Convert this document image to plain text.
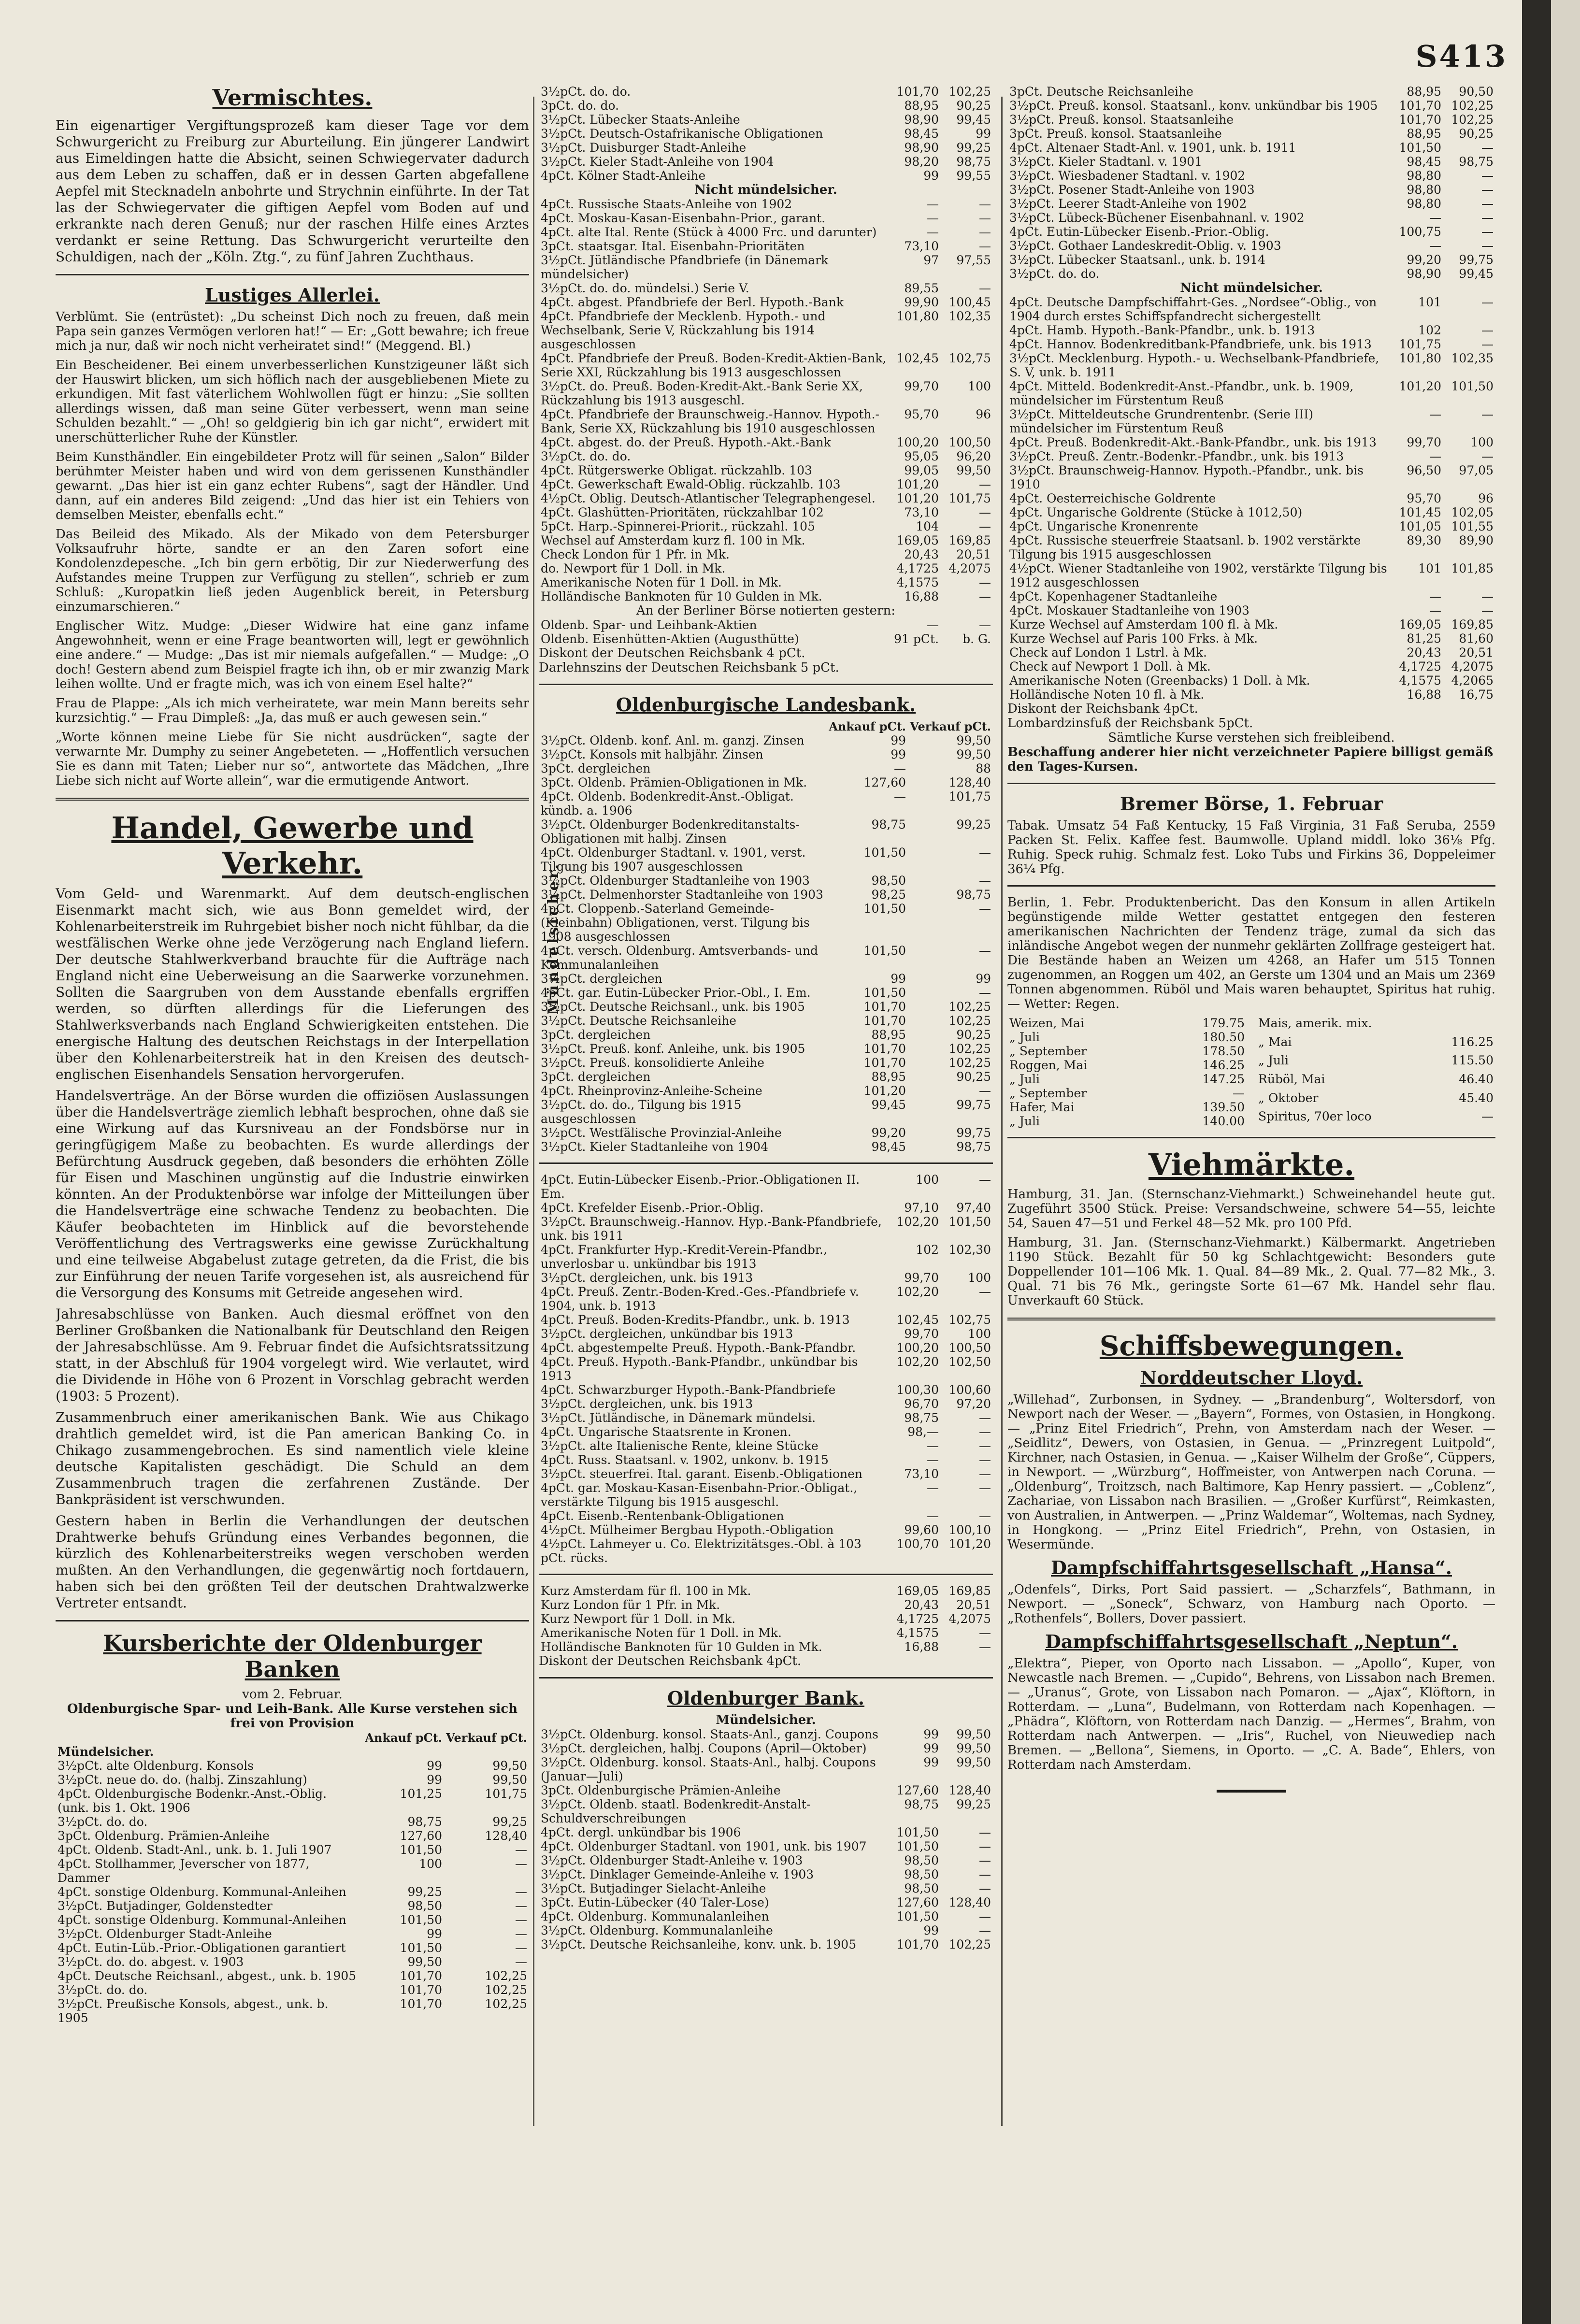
S413
Vermischtes.

Ein eigenartiger Vergiftungsprozeß kam dieser Tage vor dem Schwurgericht zu Freiburg zur Aburteilung. Ein jüngerer Landwirt aus Eimeldingen hatte die Absicht, seinen Schwiegervater dadurch aus dem Leben zu schaffen, daß er in dessen Garten abgefallene Aepfel mit Stecknadeln anbohrte und Strychnin einführte. In der Tat las der Schwiegervater die giftigen Aepfel vom Boden auf und erkrankte nach deren Genuß; nur der raschen Hilfe eines Arztes verdankt er seine Rettung. Das Schwurgericht verurteilte den Schuldigen, nach der „Köln. Ztg.“, zu fünf Jahren Zuchthaus.

Lustiges Allerlei.

Verblümt. Sie (entrüstet): „Du scheinst Dich noch zu freuen, daß mein Papa sein ganzes Vermögen verloren hat!“ — Er: „Gott bewahre; ich freue mich ja nur, daß wir noch nicht verheiratet sind!“ (Meggend. Bl.)

Ein Bescheidener. Bei einem unverbesserlichen Kunstzigeuner läßt sich der Hauswirt blicken, um sich höflich nach der ausgebliebenen Miete zu erkundigen. Mit fast väterlichem Wohlwollen fügt er hinzu: „Sie sollten allerdings wissen, daß man seine Güter verbessert, wenn man seine Schulden bezahlt.“ — „Oh! so geldgierig bin ich gar nicht“, erwidert mit unerschütterlicher Ruhe der Künstler.

Beim Kunsthändler. Ein eingebildeter Protz will für seinen „Salon“ Bilder berühmter Meister haben und wird von dem gerissenen Kunsthändler gewarnt. „Das hier ist ein ganz echter Rubens“, sagt der Händler. Und dann, auf ein anderes Bild zeigend: „Und das hier ist ein Tehiers von demselben Meister, ebenfalls echt.“

Das Beileid des Mikado. Als der Mikado von dem Petersburger Volksaufruhr hörte, sandte er an den Zaren sofort eine Kondolenzdepesche. „Ich bin gern erbötig, Dir zur Niederwerfung des Aufstandes meine Truppen zur Verfügung zu stellen“, schrieb er zum Schluß: „Kuropatkin ließ jeden Augenblick bereit, in Petersburg einzumarschieren.“

Englischer Witz. Mudge: „Dieser Widwire hat eine ganz infame Angewohnheit, wenn er eine Frage beantworten will, legt er gewöhnlich eine andere.“ — Mudge: „Das ist mir niemals aufgefallen.“ — Mudge: „O doch! Gestern abend zum Beispiel fragte ich ihn, ob er mir zwanzig Mark leihen wollte. Und er fragte mich, was ich von einem Esel halte?“

Frau de Plappe: „Als ich mich verheiratete, war mein Mann bereits sehr kurzsichtig.“ — Frau Dimpleß: „Ja, das muß er auch gewesen sein.“

„Worte können meine Liebe für Sie nicht ausdrücken“, sagte der verwarnte Mr. Dumphy zu seiner Angebeteten. — „Hoffentlich versuchen Sie es dann mit Taten; Lieber nur so“, antwortete das Mädchen, „Ihre Liebe sich nicht auf Worte allein“, war die ermutigende Antwort.

Handel, Gewerbe und Verkehr.

Vom Geld- und Warenmarkt. Auf dem deutsch-englischen Eisenmarkt macht sich, wie aus Bonn gemeldet wird, der Kohlenarbeiterstreik im Ruhrgebiet bisher noch nicht fühlbar, da die westfälischen Werke ohne jede Verzögerung nach England liefern. Der deutsche Stahlwerkverband brauchte für die Aufträge nach England nicht eine Ueberweisung an die Saarwerke vorzunehmen. Sollten die Saargruben von dem Ausstande ebenfalls ergriffen werden, so dürften allerdings für die Lieferungen des Stahlwerksverbands nach England Schwierigkeiten entstehen. Die energische Haltung des deutschen Reichstags in der Interpellation über den Kohlenarbeiterstreik hat in den Kreisen des deutsch-englischen Eisenhandels Sensation hervorgerufen.

Handelsverträge. An der Börse wurden die offiziösen Auslassungen über die Handelsverträge ziemlich lebhaft besprochen, ohne daß sie eine Wirkung auf das Kursniveau an der Fondsbörse nur in geringfügigem Maße zu beobachten. Es wurde allerdings der Befürchtung Ausdruck gegeben, daß besonders die erhöhten Zölle für Eisen und Maschinen ungünstig auf die Industrie einwirken könnten. An der Produktenbörse war infolge der Mitteilungen über die Handelsverträge eine schwache Tendenz zu beobachten. Die Käufer beobachteten im Hinblick auf die bevorstehende Veröffentlichung des Vertragswerks eine gewisse Zurückhaltung und eine teilweise Abgabelust zutage getreten, da die Frist, die bis zur Einführung der neuen Tarife vorgesehen ist, als ausreichend für die Versorgung des Konsums mit Getreide angesehen wird.

Jahresabschlüsse von Banken. Auch diesmal eröffnet von den Berliner Großbanken die Nationalbank für Deutschland den Reigen der Jahresabschlüsse. Am 9. Februar findet die Aufsichtsratssitzung statt, in der Abschluß für 1904 vorgelegt wird. Wie verlautet, wird die Dividende in Höhe von 6 Prozent in Vorschlag gebracht werden (1903: 5 Prozent).

Zusammenbruch einer amerikanischen Bank. Wie aus Chikago drahtlich gemeldet wird, ist die Pan american Banking Co. in Chikago zusammengebrochen. Es sind namentlich viele kleine deutsche Kapitalisten geschädigt. Die Schuld an dem Zusammenbruch tragen die zerfahrenen Zustände. Der Bankpräsident ist verschwunden.

Gestern haben in Berlin die Verhandlungen der deutschen Drahtwerke behufs Gründung eines Verbandes begonnen, die kürzlich des Kohlenarbeiterstreiks wegen verschoben werden mußten. An den Verhandlungen, die gegenwärtig noch fortdauern, haben sich bei den größten Teil der deutschen Drahtwalzwerke Vertreter entsandt.

Kursberichte der Oldenburger Banken
vom 2. Februar.
Oldenburgische Spar- und Leih-Bank. Alle Kurse verstehen sich frei von Provision
	Ankauf pCt.	Verkauf pCt.
Mündelsicher.		
3½pCt. alte Oldenburg. Konsols	99	99,50
3½pCt. neue do. do. (halbj. Zinszahlung)	99	99,50
4pCt. Oldenburgische Bodenkr.-Anst.-Oblig. (unk. bis 1. Okt. 1906	101,25	101,75
3½pCt. do. do.	98,75	99,25
3pCt. Oldenburg. Prämien-Anleihe	127,60	128,40
4pCt. Oldenb. Stadt-Anl., unk. b. 1. Juli 1907	101,50	—
4pCt. Stollhammer, Jeverscher von 1877, Dammer	100	—
4pCt. sonstige Oldenburg. Kommunal-Anleihen	99,25	—
3½pCt. Butjadinger, Goldenstedter	98,50	—
4pCt. sonstige Oldenburg. Kommunal-Anleihen	101,50	—
3½pCt. Oldenburger Stadt-Anleihe	99	—
4pCt. Eutin-Lüb.-Prior.-Obligationen garantiert	101,50	—
3½pCt. do. do. abgest. v. 1903	99,50	—
4pCt. Deutsche Reichsanl., abgest., unk. b. 1905	101,70	102,25
3½pCt. do. do.	101,70	102,25
3½pCt. Preußische Konsols, abgest., unk. b. 1905	101,70	102,25
3½pCt. do. do.	101,70	102,25
3pCt. do. do.	88,95	90,25
3½pCt. Lübecker Staats-Anleihe	98,90	99,45
3½pCt. Deutsch-Ostafrikanische Obligationen	98,45	99
3½pCt. Duisburger Stadt-Anleihe	98,90	99,25
3½pCt. Kieler Stadt-Anleihe von 1904	98,20	98,75
4pCt. Kölner Stadt-Anleihe	99	99,55
Nicht mündelsicher.
4pCt. Russische Staats-Anleihe von 1902	—	—
4pCt. Moskau-Kasan-Eisenbahn-Prior., garant.	—	—
4pCt. alte Ital. Rente (Stück à 4000 Frc. und darunter)	—	—
3pCt. staatsgar. Ital. Eisenbahn-Prioritäten	73,10	—
3½pCt. Jütländische Pfandbriefe (in Dänemark mündelsicher)	97	97,55
3½pCt. do. do. mündelsi.) Serie V.	89,55	—
4pCt. abgest. Pfandbriefe der Berl. Hypoth.-Bank	99,90	100,45
4pCt. Pfandbriefe der Mecklenb. Hypoth.- und Wechselbank, Serie V, Rückzahlung bis 1914 ausgeschlossen	101,80	102,35
4pCt. Pfandbriefe der Preuß. Boden-Kredit-Aktien-Bank, Serie XXI, Rückzahlung bis 1913 ausgeschlossen	102,45	102,75
3½pCt. do. Preuß. Boden-Kredit-Akt.-Bank Serie XX, Rückzahlung bis 1913 ausgeschl.	99,70	100
4pCt. Pfandbriefe der Braunschweig.-Hannov. Hypoth.-Bank, Serie XX, Rückzahlung bis 1910 ausgeschlossen	95,70	96
4pCt. abgest. do. der Preuß. Hypoth.-Akt.-Bank	100,20	100,50
3½pCt. do. do.	95,05	96,20
4pCt. Rütgerswerke Obligat. rückzahlb. 103	99,05	99,50
4pCt. Gewerkschaft Ewald-Oblig. rückzahlb. 103	101,20	—
4½pCt. Oblig. Deutsch-Atlantischer Telegraphengesel.	101,20	101,75
4pCt. Glashütten-Prioritäten, rückzahlbar 102	73,10	—
5pCt. Harp.-Spinnerei-Priorit., rückzahl. 105	104	—
Wechsel auf Amsterdam kurz fl. 100 in Mk.	169,05	169,85
Check London für 1 Pfr. in Mk.	20,43	20,51
do. Newport für 1 Doll. in Mk.	4,1725	4,2075
Amerikanische Noten für 1 Doll. in Mk.	4,1575	—
Holländische Banknoten für 10 Gulden in Mk.	16,88	—
An der Berliner Börse notierten gestern:
Oldenb. Spar- und Leihbank-Aktien	—	—
Oldenb. Eisenhütten-Aktien (Augusthütte)	91 pCt.	b. G.
Diskont der Deutschen Reichsbank 4 pCt.
Darlehnszins der Deutschen Reichsbank 5 pCt.
Oldenburgische Landesbank.
	Ankauf pCt.	Verkauf pCt.
3½pCt. Oldenb. konf. Anl. m. ganzj. Zinsen	99	99,50
3½pCt. Konsols mit halbjähr. Zinsen	99	99,50
3pCt. dergleichen	—	88
3pCt. Oldenb. Prämien-Obligationen in Mk.	127,60	128,40
4pCt. Oldenb. Bodenkredit-Anst.-Obligat. kündb. a. 1906	—	101,75
3½pCt. Oldenburger Bodenkreditanstalts-Obligationen mit halbj. Zinsen	98,75	99,25
4pCt. Oldenburger Stadtanl. v. 1901, verst. Tilgung bis 1907 ausgeschlossen	101,50	—
3½pCt. Oldenburger Stadtanleihe von 1903	98,50	—
3½pCt. Delmenhorster Stadtanleihe von 1903	98,25	98,75
4pCt. Cloppenb.-Saterland Gemeinde- (Kleinbahn) Obligationen, verst. Tilgung bis 1908 ausgeschlossen	101,50	—
4pCt. versch. Oldenburg. Amtsverbands- und Kommunalanleihen	101,50	—
3½pCt. dergleichen	99	99
4pCt. gar. Eutin-Lübecker Prior.-Obl., I. Em.	101,50	—
3½pCt. Deutsche Reichsanl., unk. bis 1905	101,70	102,25
3½pCt. Deutsche Reichsanleihe	101,70	102,25
3pCt. dergleichen	88,95	90,25
3½pCt. Preuß. konf. Anleihe, unk. bis 1905	101,70	102,25
3½pCt. Preuß. konsolidierte Anleihe	101,70	102,25
3pCt. dergleichen	88,95	90,25
4pCt. Rheinprovinz-Anleihe-Scheine	101,20	—
3½pCt. do. do., Tilgung bis 1915 ausgeschlossen	99,45	99,75
3½pCt. Westfälische Provinzial-Anleihe	99,20	99,75
3½pCt. Kieler Stadtanleihe von 1904	98,45	98,75
4pCt. Eutin-Lübecker Eisenb.-Prior.-Obligationen II. Em.	100	—
4pCt. Krefelder Eisenb.-Prior.-Oblig.	97,10	97,40
3½pCt. Braunschweig.-Hannov. Hyp.-Bank-Pfandbriefe, unk. bis 1911	102,20	101,50
4pCt. Frankfurter Hyp.-Kredit-Verein-Pfandbr., unverlosbar u. unkündbar bis 1913	102	102,30
3½pCt. dergleichen, unk. bis 1913	99,70	100
4pCt. Preuß. Zentr.-Boden-Kred.-Ges.-Pfandbriefe v. 1904, unk. b. 1913	102,20	—
4pCt. Preuß. Boden-Kredits-Pfandbr., unk. b. 1913	102,45	102,75
3½pCt. dergleichen, unkündbar bis 1913	99,70	100
4pCt. abgestempelte Preuß. Hypoth.-Bank-Pfandbr.	100,20	100,50
4pCt. Preuß. Hypoth.-Bank-Pfandbr., unkündbar bis 1913	102,20	102,50
4pCt. Schwarzburger Hypoth.-Bank-Pfandbriefe	100,30	100,60
3½pCt. dergleichen, unk. bis 1913	96,70	97,20
3½pCt. Jütländische, in Dänemark mündelsi.	98,75	—
4pCt. Ungarische Staatsrente in Kronen.	98,—	—
3½pCt. alte Italienische Rente, kleine Stücke	—	—
4pCt. Russ. Staatsanl. v. 1902, unkonv. b. 1915	—	—
3½pCt. steuerfrei. Ital. garant. Eisenb.-Obligationen	73,10	—
4pCt. gar. Moskau-Kasan-Eisenbahn-Prior.-Obligat., verstärkte Tilgung bis 1915 ausgeschl.	—	—
4pCt. Eisenb.-Rentenbank-Obligationen	—	—
4½pCt. Mülheimer Bergbau Hypoth.-Obligation	99,60	100,10
4½pCt. Lahmeyer u. Co. Elektrizitätsges.-Obl. à 103 pCt. rücks.	100,70	101,20
Kurz Amsterdam für fl. 100 in Mk.	169,05	169,85
Kurz London für 1 Pfr. in Mk.	20,43	20,51
Kurz Newport für 1 Doll. in Mk.	4,1725	4,2075
Amerikanische Noten für 1 Doll. in Mk.	4,1575	—
Holländische Banknoten für 10 Gulden in Mk.	16,88	—
Diskont der Deutschen Reichsbank 4pCt.
Oldenburger Bank.
Mündelsicher.
3½pCt. Oldenburg. konsol. Staats-Anl., ganzj. Coupons	99	99,50
3½pCt. dergleichen, halbj. Coupons (April—Oktober)	99	99,50
3½pCt. Oldenburg. konsol. Staats-Anl., halbj. Coupons (Januar—Juli)	99	99,50
3pCt. Oldenburgische Prämien-Anleihe	127,60	128,40
3½pCt. Oldenb. staatl. Bodenkredit-Anstalt-Schuldverschreibungen	98,75	99,25
4pCt. dergl. unkündbar bis 1906	101,50	—
4pCt. Oldenburger Stadtanl. von 1901, unk. bis 1907	101,50	—
3½pCt. Oldenburger Stadt-Anleihe v. 1903	98,50	—
3½pCt. Dinklager Gemeinde-Anleihe v. 1903	98,50	—
3½pCt. Butjadinger Sielacht-Anleihe	98,50	—
3pCt. Eutin-Lübecker (40 Taler-Lose)	127,60	128,40
4pCt. Oldenburg. Kommunalanleihen	101,50	—
3½pCt. Oldenburg. Kommunalanleihe	99	—
3½pCt. Deutsche Reichsanleihe, konv. unk. b. 1905	101,70	102,25
Mündelsicher.
3pCt. Deutsche Reichsanleihe	88,95	90,50
3½pCt. Preuß. konsol. Staatsanl., konv. unkündbar bis 1905	101,70	102,25
3½pCt. Preuß. konsol. Staatsanleihe	101,70	102,25
3pCt. Preuß. konsol. Staatsanleihe	88,95	90,25
4pCt. Altenaer Stadt-Anl. v. 1901, unk. b. 1911	101,50	—
3½pCt. Kieler Stadtanl. v. 1901	98,45	98,75
3½pCt. Wiesbadener Stadtanl. v. 1902	98,80	—
3½pCt. Posener Stadt-Anleihe von 1903	98,80	—
3½pCt. Leerer Stadt-Anleihe von 1902	98,80	—
3½pCt. Lübeck-Büchener Eisenbahnanl. v. 1902	—	—
4pCt. Eutin-Lübecker Eisenb.-Prior.-Oblig.	100,75	—
3½pCt. Gothaer Landeskredit-Oblig. v. 1903	—	—
3½pCt. Lübecker Staatsanl., unk. b. 1914	99,20	99,75
3½pCt. do. do.	98,90	99,45
Nicht mündelsicher.
4pCt. Deutsche Dampfschiffahrt-Ges. „Nordsee“-Oblig., von 1904 durch erstes Schiffspfandrecht sichergestellt	101	—
4pCt. Hamb. Hypoth.-Bank-Pfandbr., unk. b. 1913	102	—
4pCt. Hannov. Bodenkreditbank-Pfandbriefe, unk. bis 1913	101,75	—
3½pCt. Mecklenburg. Hypoth.- u. Wechselbank-Pfandbriefe, S. V, unk. b. 1911	101,80	102,35
4pCt. Mitteld. Bodenkredit-Anst.-Pfandbr., unk. b. 1909, mündelsicher im Fürstentum Reuß	101,20	101,50
3½pCt. Mitteldeutsche Grundrentenbr. (Serie III) mündelsicher im Fürstentum Reuß	—	—
4pCt. Preuß. Bodenkredit-Akt.-Bank-Pfandbr., unk. bis 1913	99,70	100
3½pCt. Preuß. Zentr.-Bodenkr.-Pfandbr., unk. bis 1913	—	—
3½pCt. Braunschweig-Hannov. Hypoth.-Pfandbr., unk. bis 1910	96,50	97,05
4pCt. Oesterreichische Goldrente	95,70	96
4pCt. Ungarische Goldrente (Stücke à 1012,50)	101,45	102,05
4pCt. Ungarische Kronenrente	101,05	101,55
4pCt. Russische steuerfreie Staatsanl. b. 1902 verstärkte Tilgung bis 1915 ausgeschlossen	89,30	89,90
4½pCt. Wiener Stadtanleihe von 1902, verstärkte Tilgung bis 1912 ausgeschlossen	101	101,85
4pCt. Kopenhagener Stadtanleihe	—	—
4pCt. Moskauer Stadtanleihe von 1903	—	—
Kurze Wechsel auf Amsterdam 100 fl. à Mk.	169,05	169,85
Kurze Wechsel auf Paris 100 Frks. à Mk.	81,25	81,60
Check auf London 1 Lstrl. à Mk.	20,43	20,51
Check auf Newport 1 Doll. à Mk.	4,1725	4,2075
Amerikanische Noten (Greenbacks) 1 Doll. à Mk.	4,1575	4,2065
Holländische Noten 10 fl. à Mk.	16,88	16,75
Diskont der Reichsbank 4pCt.
Lombardzinsfuß der Reichsbank 5pCt.
Sämtliche Kurse verstehen sich freibleibend.
Beschaffung anderer hier nicht verzeichneter Papiere billigst gemäß den Tages-Kursen.
Bremer Börse, 1. Februar

Tabak. Umsatz 54 Faß Kentucky, 15 Faß Virginia, 31 Faß Seruba, 2559 Packen St. Felix. Kaffee fest. Baumwolle. Upland middl. loko 36⅛ Pfg. Ruhig. Speck ruhig. Schmalz fest. Loko Tubs und Firkins 36, Doppeleimer 36¼ Pfg.

Berlin, 1. Febr. Produktenbericht. Das den Konsum in allen Artikeln begünstigende milde Wetter gestattet entgegen den festeren amerikanischen Nachrichten der Tendenz träge, zumal da sich das inländische Angebot wegen der nunmehr geklärten Zollfrage gesteigert hat. Die Bestände haben an Weizen um 4268, an Hafer um 515 Tonnen zugenommen, an Roggen um 402, an Gerste um 1304 und an Mais um 2369 Tonnen abgenommen. Rüböl und Mais waren behauptet, Spiritus hat ruhig. — Wetter: Regen.

Weizen, Mai	179.75
„ Juli	180.50
„ September	178.50
Roggen, Mai	146.25
„ Juli	147.25
„ September	—
Hafer, Mai	139.50
„ Juli	140.00
Mais, amerik. mix.	
„ Mai	116.25
„ Juli	115.50
Rüböl, Mai	46.40
„ Oktober	45.40
Spiritus, 70er loco	—
Viehmärkte.

Hamburg, 31. Jan. (Sternschanz-Viehmarkt.) Schweinehandel heute gut. Zugeführt 3500 Stück. Preise: Versandschweine, schwere 54—55, leichte 54, Sauen 47—51 und Ferkel 48—52 Mk. pro 100 Pfd.

Hamburg, 31. Jan. (Sternschanz-Viehmarkt.) Kälbermarkt. Angetrieben 1190 Stück. Bezahlt für 50 kg Schlachtgewicht: Besonders gute Doppellender 101—106 Mk. 1. Qual. 84—89 Mk., 2. Qual. 77—82 Mk., 3. Qual. 71 bis 76 Mk., geringste Sorte 61—67 Mk. Handel sehr flau. Unverkauft 60 Stück.

Schiffsbewegungen.
Norddeutscher Lloyd.

„Willehad“, Zurbonsen, in Sydney. — „Brandenburg“, Woltersdorf, von Newport nach der Weser. — „Bayern“, Formes, von Ostasien, in Hongkong. — „Prinz Eitel Friedrich“, Prehn, von Amsterdam nach der Weser. — „Seidlitz“, Dewers, von Ostasien, in Genua. — „Prinzregent Luitpold“, Kirchner, nach Ostasien, in Genua. — „Kaiser Wilhelm der Große“, Cüppers, in Newport. — „Würzburg“, Hoffmeister, von Antwerpen nach Coruna. — „Oldenburg“, Troitzsch, nach Baltimore, Kap Henry passiert. — „Coblenz“, Zachariae, von Lissabon nach Brasilien. — „Großer Kurfürst“, Reimkasten, von Australien, in Antwerpen. — „Prinz Waldemar“, Woltemas, nach Sydney, in Hongkong. — „Prinz Eitel Friedrich“, Prehn, von Ostasien, in Wesermünde.

Dampfschiffahrtsgesellschaft „Hansa“.

„Odenfels“, Dirks, Port Said passiert. — „Scharzfels“, Bathmann, in Newport. — „Soneck“, Schwarz, von Hamburg nach Oporto. — „Rothenfels“, Bollers, Dover passiert.

Dampfschiffahrtsgesellschaft „Neptun“.

„Elektra“, Pieper, von Oporto nach Lissabon. — „Apollo“, Kuper, von Newcastle nach Bremen. — „Cupido“, Behrens, von Lissabon nach Bremen. — „Uranus“, Grote, von Lissabon nach Pomaron. — „Ajax“, Klöftorn, in Rotterdam. — „Luna“, Budelmann, von Rotterdam nach Kopenhagen. — „Phädra“, Klöftorn, von Rotterdam nach Danzig. — „Hermes“, Brahm, von Rotterdam nach Antwerpen. — „Iris“, Ruchel, von Nieuwediep nach Bremen. — „Bellona“, Siemens, in Oporto. — „C. A. Bade“, Ehlers, von Rotterdam nach Amsterdam.

━━━━━━━
